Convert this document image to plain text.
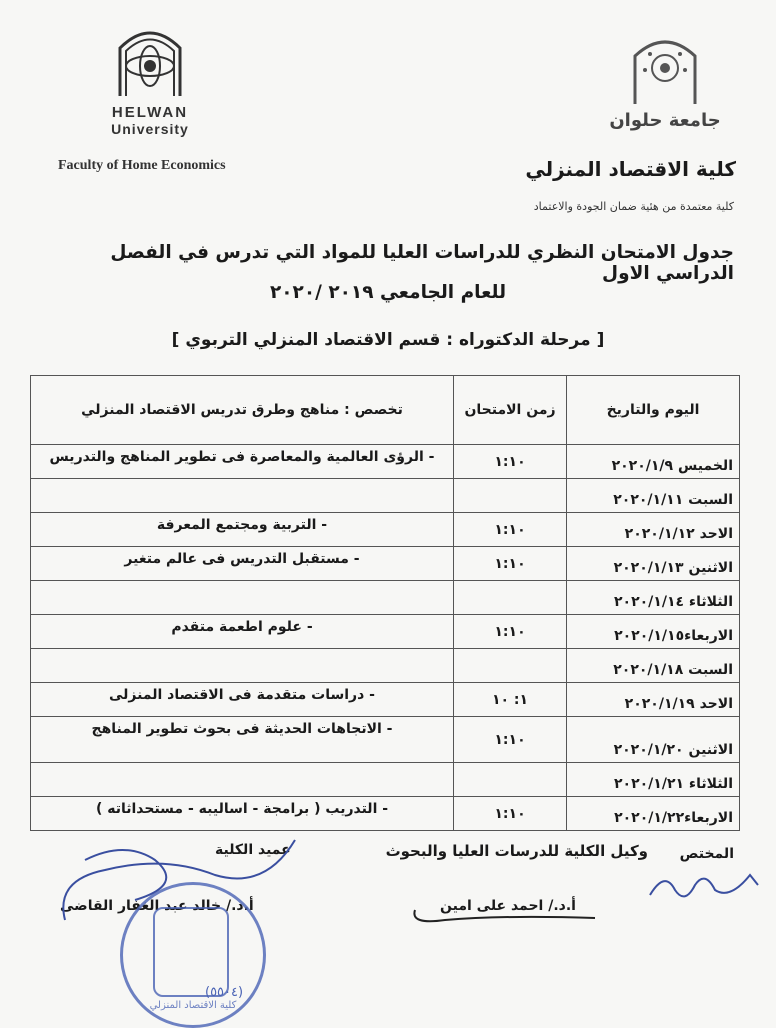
HELWAN
University	جامعة حلوان
Faculty of Home Economics	كلية الاقتصاد المنزلي
كلية معتمدة من هئية ضمان الجودة والاعتماد
جدول الامتحان النظري للدراسات العليا للمواد التي تدرس في الفصل الدراسي الاول
للعام الجامعي ٢٠١٩ /٢٠٢٠
[ مرحلة الدكتوراه : قسم الاقتصاد المنزلي التربوي ]
اليوم والتاريخ	زمن الامتحان	تخصص : مناهج وطرق تدريس الاقتصاد المنزلي
الخميس ٢٠٢٠/١/٩	١:١٠	- الرؤى العالمية والمعاصرة فى تطوير المناهج والتدريس
السبت ٢٠٢٠/١/١١		
الاحد ٢٠٢٠/١/١٢	١:١٠	- التربية ومجتمع المعرفة
الاثنين ٢٠٢٠/١/١٣	١:١٠	- مستقبل التدريس فى عالم متغير
الثلاثاء ٢٠٢٠/١/١٤		
الاربعاء٢٠٢٠/١/١٥	١:١٠	- علوم اطعمة متقدم
السبت ٢٠٢٠/١/١٨		
الاحد ٢٠٢٠/١/١٩	١: ١٠	- دراسات متقدمة فى الاقتصاد المنزلى
الاثنين ٢٠٢٠/١/٢٠	١:١٠	- الاتجاهات الحديثة فى بحوث تطوير المناهج
الثلاثاء ٢٠٢٠/١/٢١		
الاربعاء٢٠٢٠/١/٢٢	١:١٠	- التدريب ( برامجة - اساليبه - مستحداثاته )
المختص
وكيل الكلية للدرسات العليا والبحوث
عميد الكلية
أ.د./ احمد على امين
أ.د./ خالد عبد الغفار القاضى
كلية الاقتصاد المنزلي
(٥٥٠٤)
